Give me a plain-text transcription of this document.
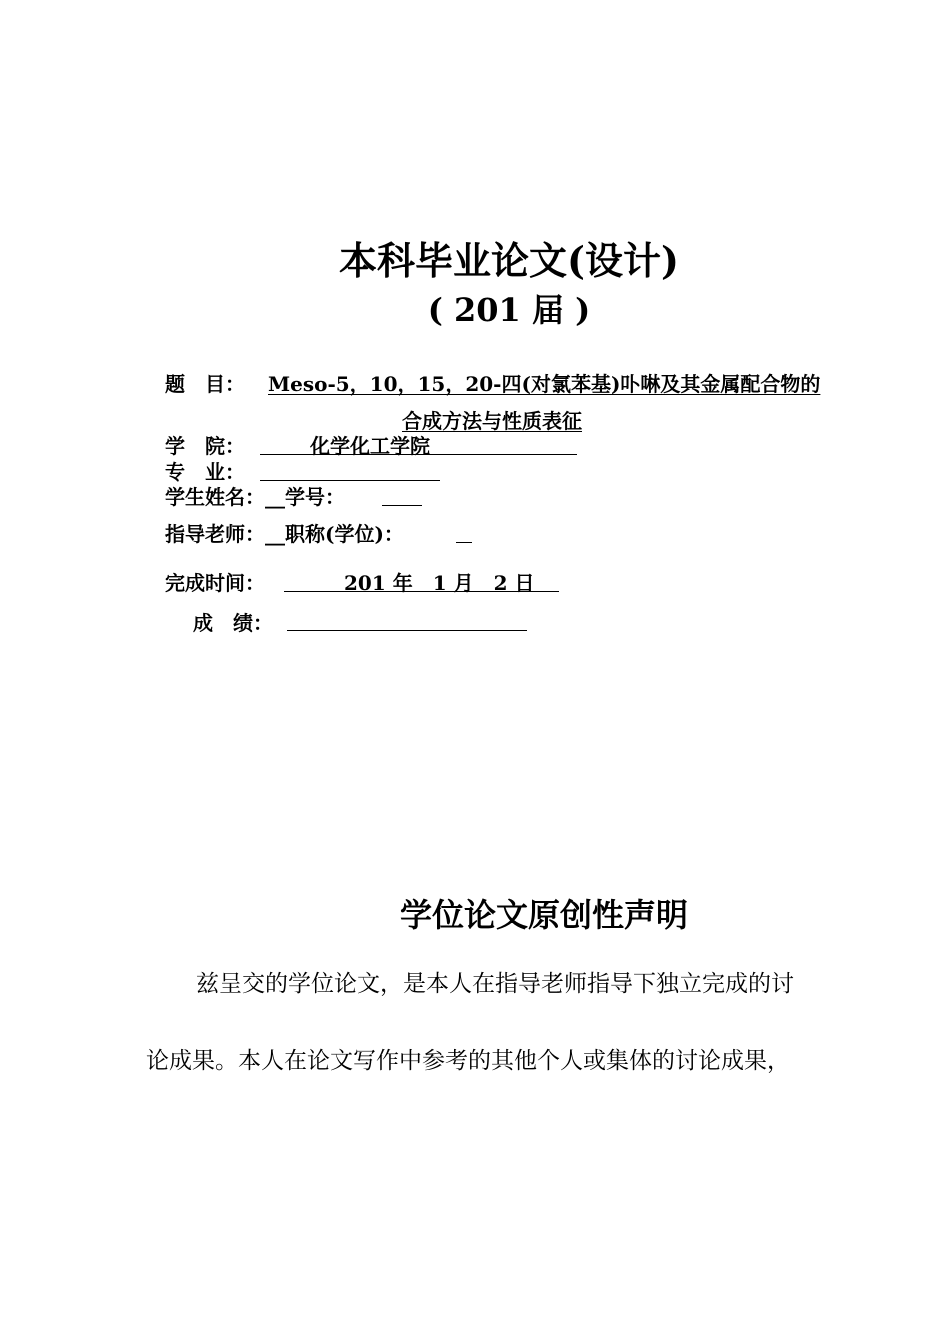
本科毕业论文(设计)
( 201 届 )
题　目： Meso-5，10，15，20-四(对氯苯基)卟啉及其金属配合物的
合成方法与性质表征
学　院：	化学化工学院
专　业：
学生姓名：__学号：
指导老师：__职称(学位)：
完成时间：	201 年　1 月　2 日
成　绩：
学位论文原创性声明
兹呈交的学位论文，是本人在指导老师指导下独立完成的讨
论成果。本人在论文写作中参考的其他个人或集体的讨论成果，
